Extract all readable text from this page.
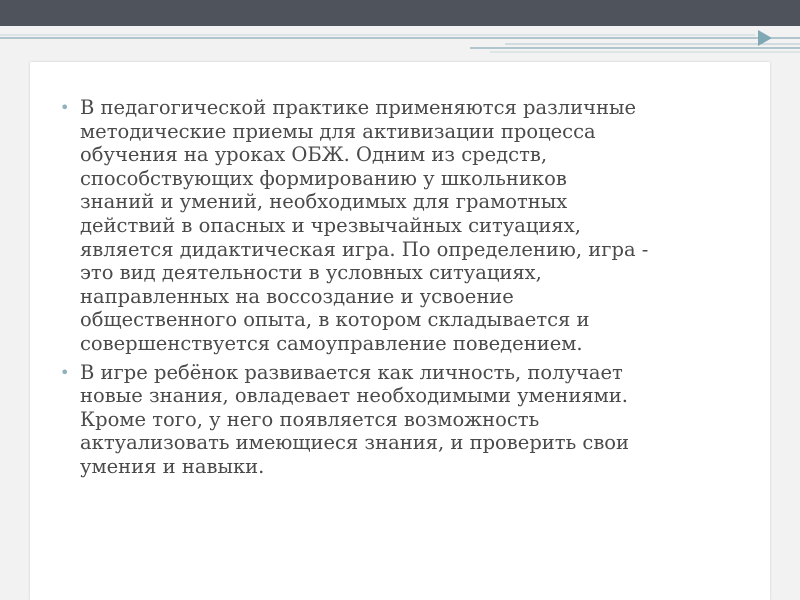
• В педагогической практике применяются различные
методические приемы для активизации процесса
обучения на уроках ОБЖ. Одним из средств,
способствующих формированию у школьников
знаний и умений, необходимых для грамотных
действий в опасных и чрезвычайных ситуациях,
является дидактическая игра. По определению, игра -
это вид деятельности в условных ситуациях,
направленных на воссоздание и усвоение
общественного опыта, в котором складывается и
совершенствуется самоуправление поведением.
• В игре ребёнок развивается как личность, получает
новые знания, овладевает необходимыми умениями.
Кроме того, у него появляется возможность
актуализовать имеющиеся знания, и проверить свои
умения и навыки.
